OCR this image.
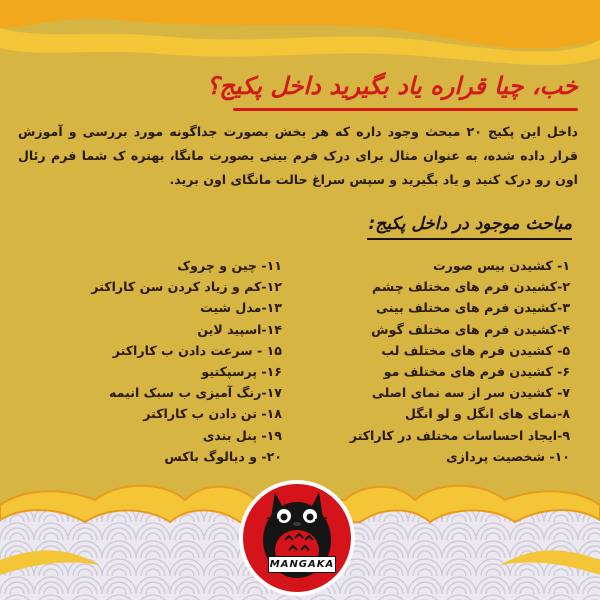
خب، چیا قراره یاد بگیرید داخل پکیج؟
داخل این پکیج ۲۰ مبحث وجود داره که هر بخش بصورت جداگونه مورد بررسی و آموزش قرار داده شده، به عنوان مثال برای درک فرم بینی بصورت مانگا، بهتره ک شما فرم رئال اون رو درک کنید و یاد بگیرید و سپس سراغ حالت مانگای اون برید.
مباحث موجود در داخل پکیج:
۱- کشیدن بیس صورت
۲-کشیدن فرم های مختلف چشم
۳-کشیدن فرم های مختلف بینی
۴-کشیدن فرم های مختلف گوش
۵- کشیدن فرم های مختلف لب
۶- کشیدن فرم های مختلف مو
۷- کشیدن سر از سه نمای اصلی
۸-نمای های انگل و لو انگل
۹-ایجاد احساسات مختلف در کاراکتر
۱۰- شخصیت پردازی
۱۱- چین و چروک
۱۲-کم و زیاد کردن سن کاراکتر
۱۳-مدل شیت
۱۴-اسپید لاین
۱۵ - سرعت دادن ب کاراکتر
۱۶- پرسپکتیو
۱۷-رنگ آمیزی ب سبک انیمه
۱۸- تن دادن ب کاراکتر
۱۹- پنل بندی
۲۰- و دیالوگ باکس
MANGAKA
